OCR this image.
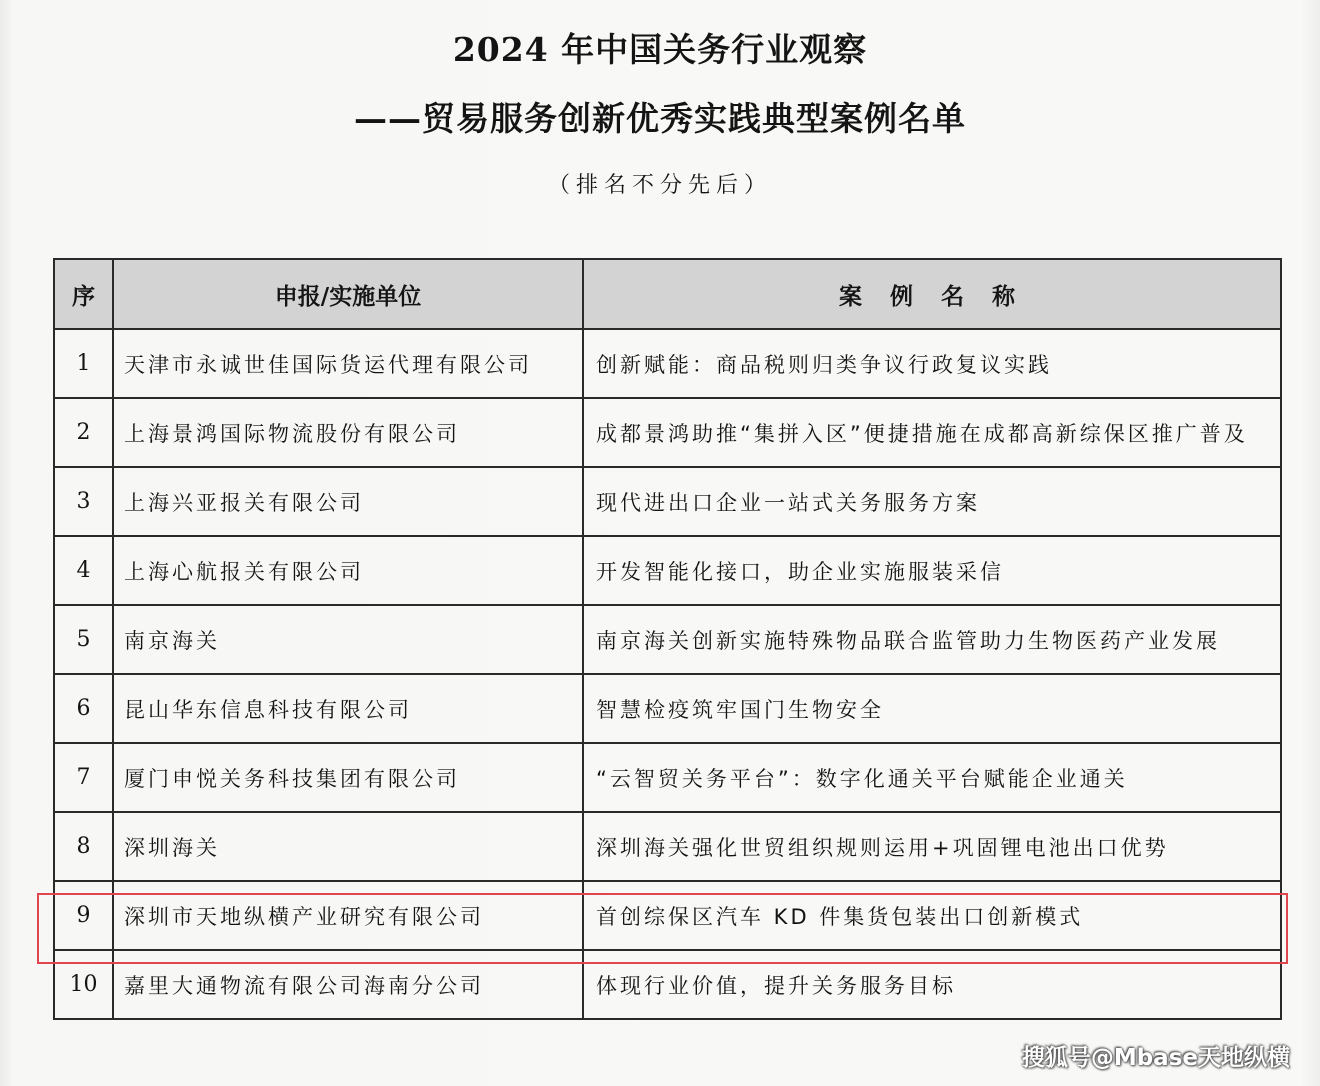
2024 年中国关务行业观察
——贸易服务创新优秀实践典型案例名单
（排名不分先后）
序	申报/实施单位	案 例 名 称
1	天津市永诚世佳国际货运代理有限公司	创新赋能：商品税则归类争议行政复议实践
2	上海景鸿国际物流股份有限公司	成都景鸿助推“集拼入区”便捷措施在成都高新综保区推广普及
3	上海兴亚报关有限公司	现代进出口企业一站式关务服务方案
4	上海心航报关有限公司	开发智能化接口，助企业实施服装采信
5	南京海关	南京海关创新实施特殊物品联合监管助力生物医药产业发展
6	昆山华东信息科技有限公司	智慧检疫筑牢国门生物安全
7	厦门申悦关务科技集团有限公司	“云智贸关务平台”：数字化通关平台赋能企业通关
8	深圳海关	深圳海关强化世贸组织规则运用+巩固锂电池出口优势
9	深圳市天地纵横产业研究有限公司	首创综保区汽车 KD 件集货包装出口创新模式
10	嘉里大通物流有限公司海南分公司	体现行业价值，提升关务服务目标
搜狐号@Mbase天地纵横
